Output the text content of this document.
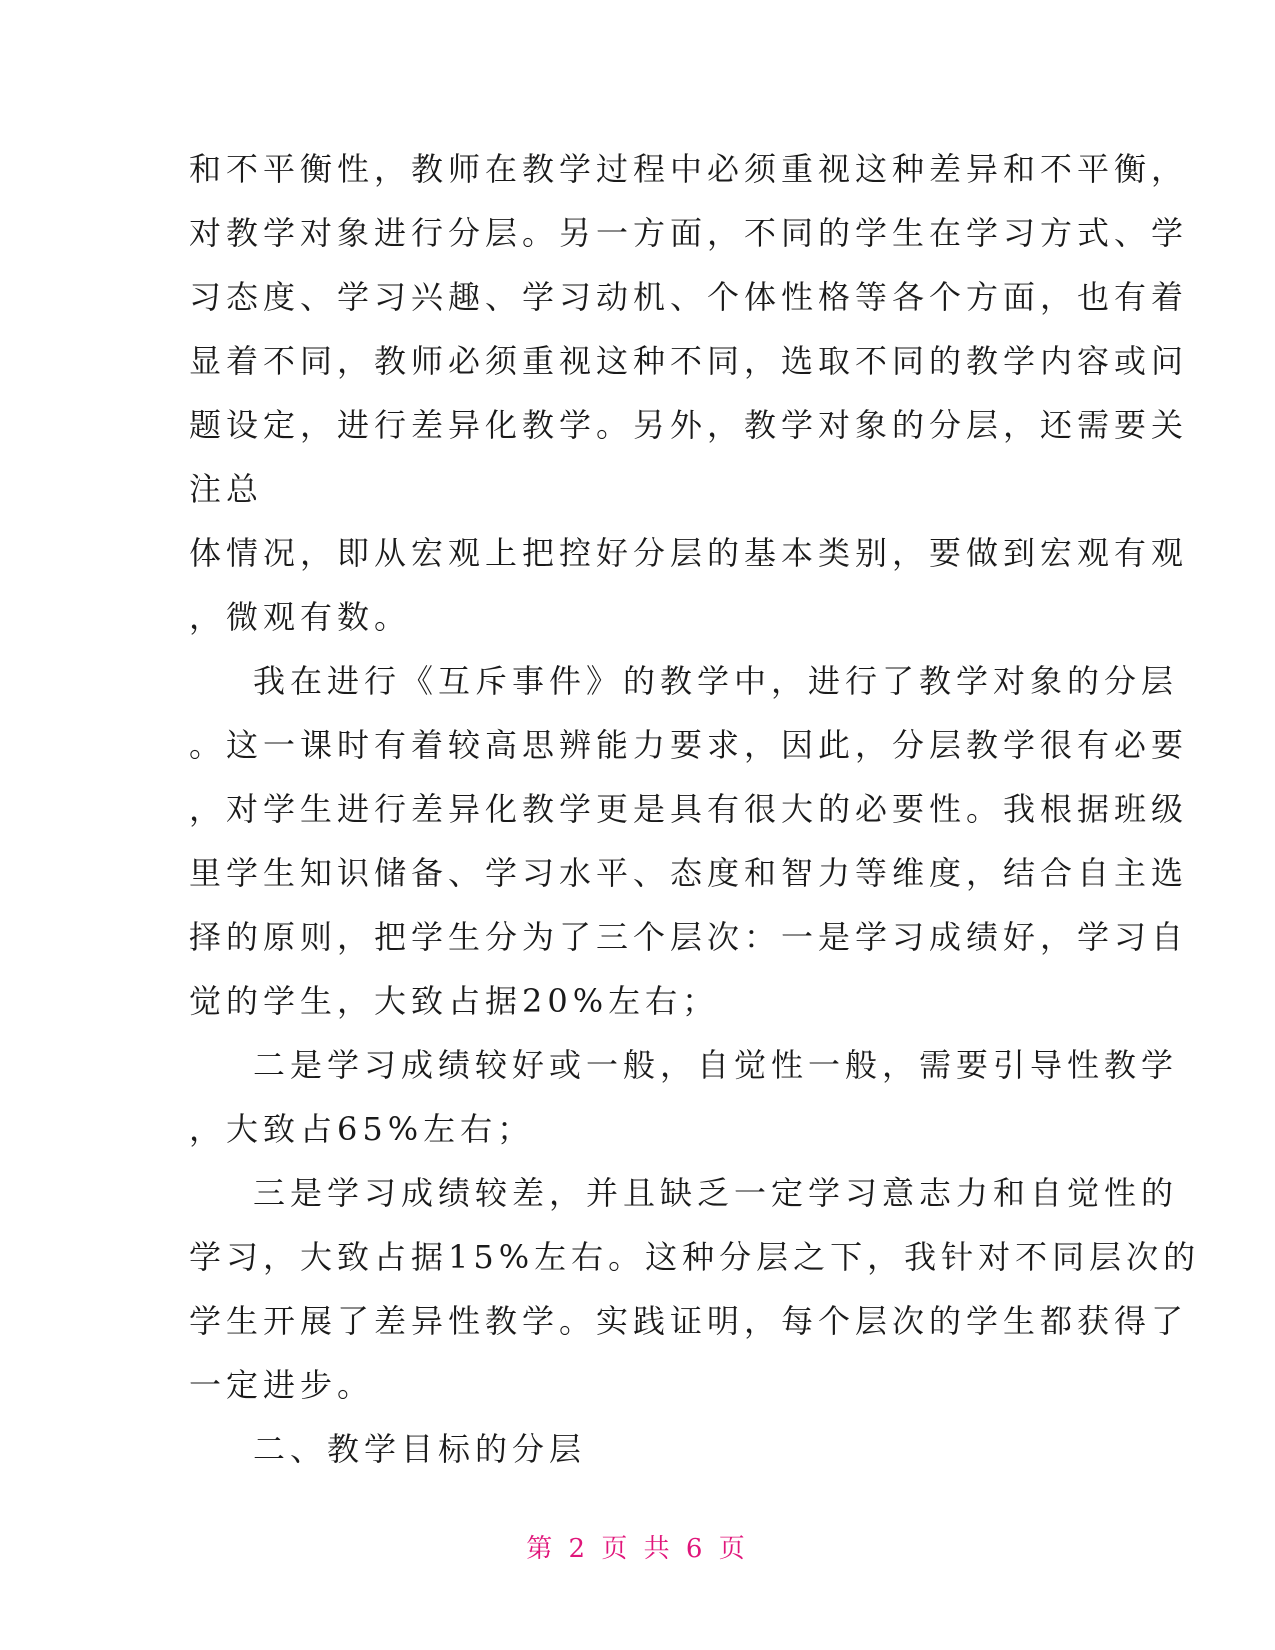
和不平衡性，教师在教学过程中必须重视这种差异和不平衡，
对教学对象进行分层。另一方面，不同的学生在学习方式、学
习态度、学习兴趣、学习动机、个体性格等各个方面，也有着
显着不同，教师必须重视这种不同，选取不同的教学内容或问
题设定，进行差异化教学。另外，教学对象的分层，还需要关
注总
体情况，即从宏观上把控好分层的基本类别，要做到宏观有观
，微观有数。
我在进行《互斥事件》的教学中，进行了教学对象的分层
。这一课时有着较高思辨能力要求，因此，分层教学很有必要
，对学生进行差异化教学更是具有很大的必要性。我根据班级
里学生知识储备、学习水平、态度和智力等维度，结合自主选
择的原则，把学生分为了三个层次：一是学习成绩好，学习自
觉的学生，大致占据20%左右；
二是学习成绩较好或一般，自觉性一般，需要引导性教学
，大致占65%左右；
三是学习成绩较差，并且缺乏一定学习意志力和自觉性的
学习，大致占据15%左右。这种分层之下，我针对不同层次的
学生开展了差异性教学。实践证明，每个层次的学生都获得了
一定进步。
二、教学目标的分层
第 2 页 共 6 页
